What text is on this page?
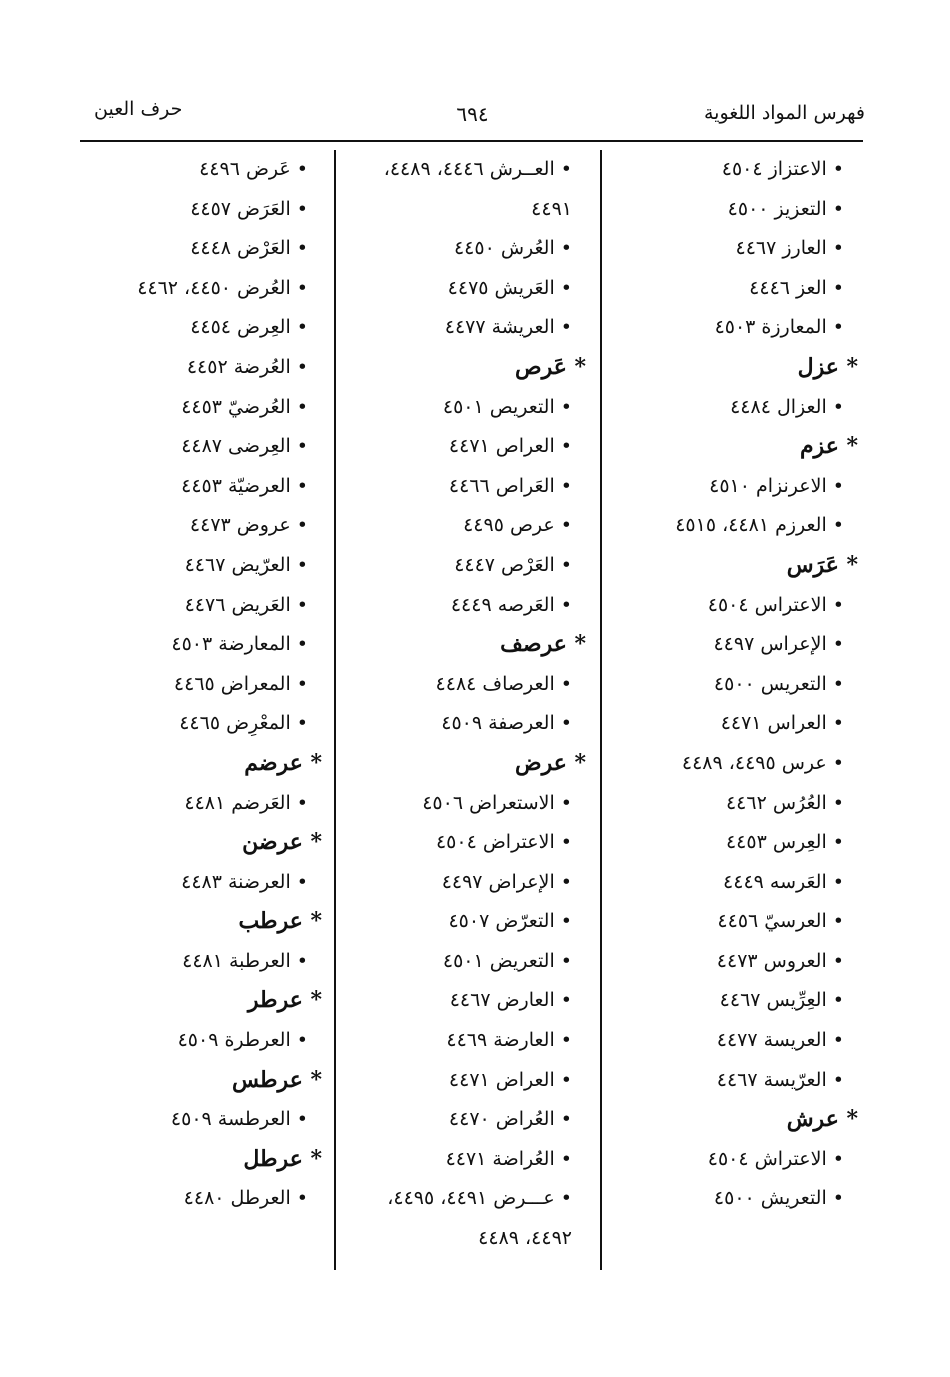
فهرس المواد اللغوية
٦٩٤
حرف العين
• الاعتزاز ٤٥٠٤
• التعزيز ٤٥٠٠
• العارز ٤٤٦٧
• العز ٤٤٤٦
• المعارزة ٤٥٠٣
* عزل
• العزال ٤٤٨٤
* عزم
• الاعرنزام ٤٥١٠
• العرزم ٤٤٨١، ٤٥١٥
* عَرَس
• الاعتراس ٤٥٠٤
• الإعراس ٤٤٩٧
• التعريس ٤٥٠٠
• العراس ٤٤٧١
• عرس ٤٤٩٥، ٤٤٨٩
• العُرُس ٤٤٦٢
• العِرس ٤٤٥٣
• العَرسه ٤٤٤٩
• العرسيّ ٤٤٥٦
• العروس ٤٤٧٣
• العِرِّيس ٤٤٦٧
• العريسة ٤٤٧٧
• العرّيسة ٤٤٦٧
* عرش
• الاعتراش ٤٥٠٤
• التعريش ٤٥٠٠
• العــرش ٤٤٤٦، ٤٤٨٩،
٤٤٩١
• العُرش ٤٤٥٠
• العَريش ٤٤٧٥
• العريشة ٤٤٧٧
* عَرص
• التعريص ٤٥٠١
• العراص ٤٤٧١
• العَراص ٤٤٦٦
• عرص ٤٤٩٥
• العَرْص ٤٤٤٧
• العَرصه ٤٤٤٩
* عرصف
• العرصاف ٤٤٨٤
• العرصفة ٤٥٠٩
* عرض
• الاستعراض ٤٥٠٦
• الاعتراض ٤٥٠٤
• الإعراض ٤٤٩٧
• التعرّض ٤٥٠٧
• التعريض ٤٥٠١
• العارض ٤٤٦٧
• العارضة ٤٤٦٩
• العراض ٤٤٧١
• العُراض ٤٤٧٠
• العُراضة ٤٤٧١
• عـــرض ٤٤٩١، ٤٤٩٥،
٤٤٩٢، ٤٤٨٩
• عَرض ٤٤٩٦
• العَرَض ٤٤٥٧
• العَرْض ٤٤٤٨
• العُرض ٤٤٥٠، ٤٤٦٢
• العِرض ٤٤٥٤
• العُرضة ٤٤٥٢
• العُرضيّ ٤٤٥٣
• العِرضى ٤٤٨٧
• العرضيّة ٤٤٥٣
• عروض ٤٤٧٣
• العرّيض ٤٤٦٧
• العَريض ٤٤٧٦
• المعارضة ٤٥٠٣
• المعراض ٤٤٦٥
• المعْرِض ٤٤٦٥
* عرضم
• العَرضم ٤٤٨١
* عرضن
• العرضنة ٤٤٨٣
* عرطب
• العرطبة ٤٤٨١
* عرطر
• العرطرة ٤٥٠٩
* عرطس
• العرطسة ٤٥٠٩
* عرطل
• العرطل ٤٤٨٠
